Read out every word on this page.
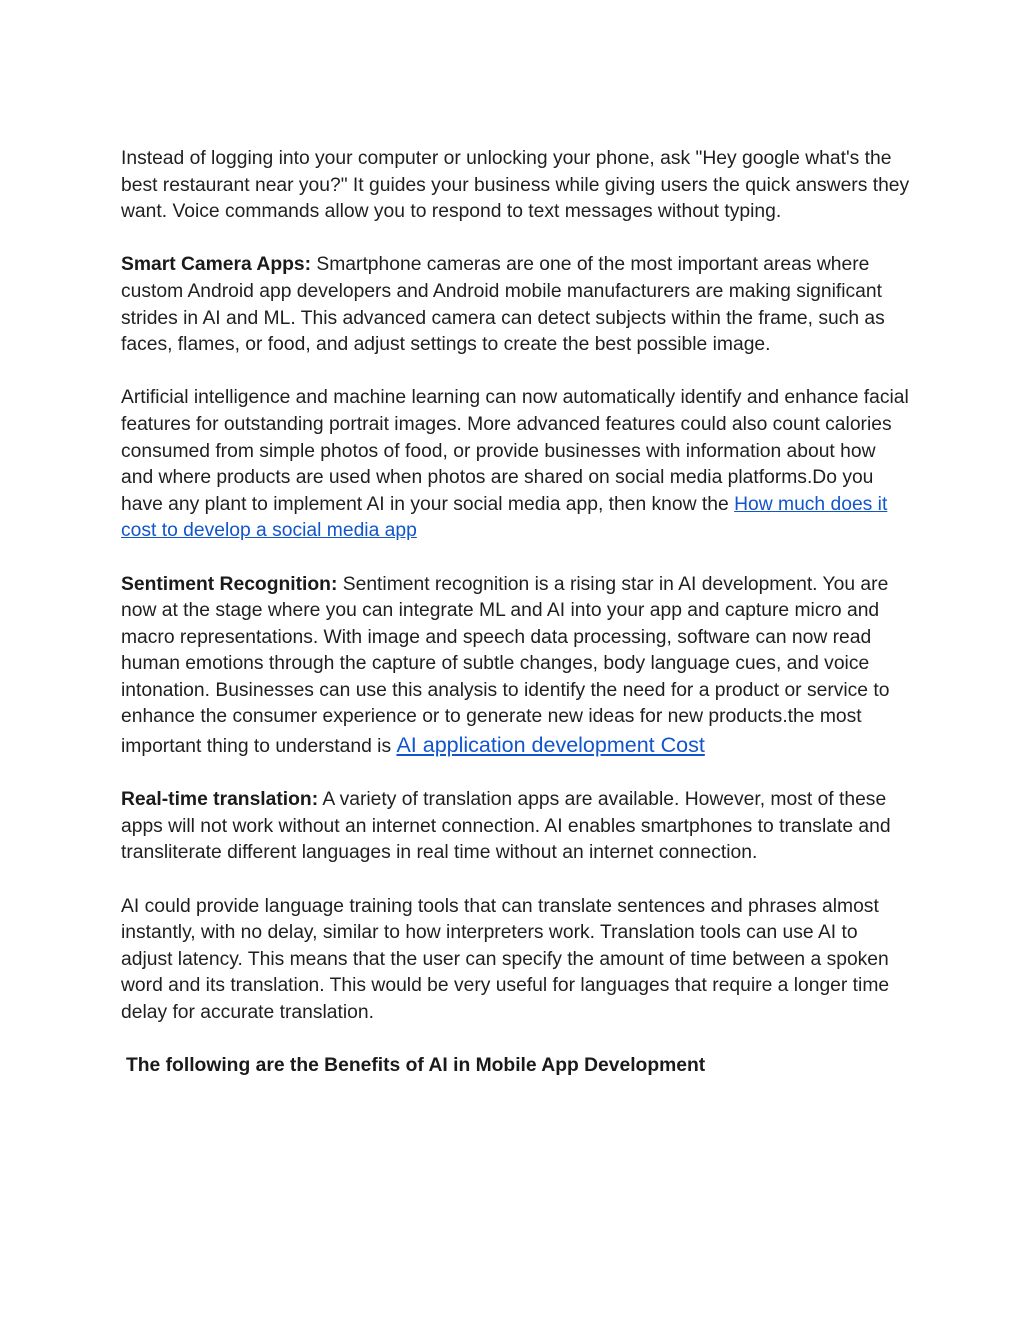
Instead of logging into your computer or unlocking your phone, ask "Hey google what's the best restaurant near you?" It guides your business while giving users the quick answers they want. Voice commands allow you to respond to text messages without typing.

Smart Camera Apps: Smartphone cameras are one of the most important areas where custom Android app developers and Android mobile manufacturers are making significant strides in AI and ML. This advanced camera can detect subjects within the frame, such as faces, flames, or food, and adjust settings to create the best possible image.

Artificial intelligence and machine learning can now automatically identify and enhance facial features for outstanding portrait images. More advanced features could also count calories consumed from simple photos of food, or provide businesses with information about how and where products are used when photos are shared on social media platforms.Do you have any plant to implement AI in your social media app, then know the How much does it cost to develop a social media app

Sentiment Recognition: Sentiment recognition is a rising star in AI development. You are now at the stage where you can integrate ML and AI into your app and capture micro and macro representations. With image and speech data processing, software can now read human emotions through the capture of subtle changes, body language cues, and voice intonation. Businesses can use this analysis to identify the need for a product or service to enhance the consumer experience or to generate new ideas for new products.the most important thing to understand is AI application development Cost

Real-time translation: A variety of translation apps are available. However, most of these apps will not work without an internet connection. AI enables smartphones to translate and transliterate different languages in real time without an internet connection.

AI could provide language training tools that can translate sentences and phrases almost instantly, with no delay, similar to how interpreters work. Translation tools can use AI to adjust latency. This means that the user can specify the amount of time between a spoken word and its translation. This would be very useful for languages that require a longer time delay for accurate translation.

The following are the Benefits of AI in Mobile App Development
